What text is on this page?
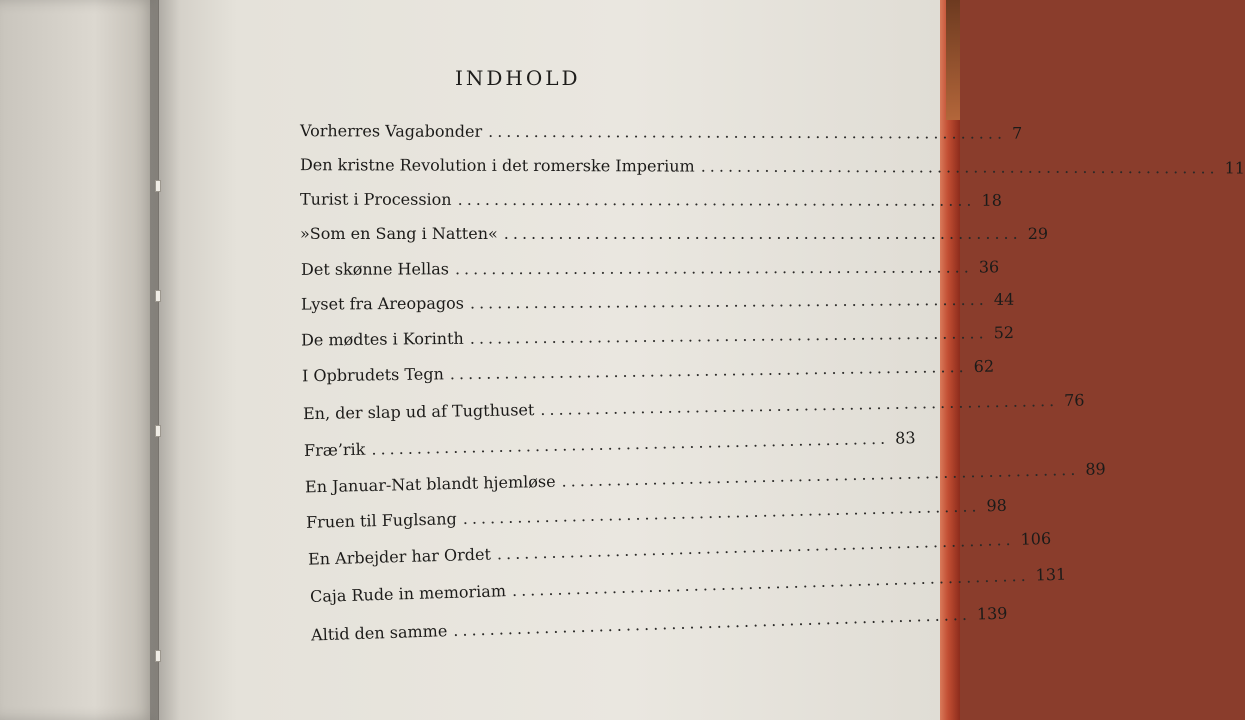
INDHOLD
Vorherres Vagabonder ......................................................... 7
Den kristne Revolution i det romerske Imperium ......................................................... 11
Turist i Procession ......................................................... 18
»Som en Sang i Natten« ......................................................... 29
Det skønne Hellas ......................................................... 36
Lyset fra Areopagos ......................................................... 44
De mødtes i Korinth ......................................................... 52
I Opbrudets Tegn ......................................................... 62
En, der slap ud af Tugthuset ......................................................... 76
Fræ’rik ......................................................... 83
En Januar-Nat blandt hjemløse ......................................................... 89
Fruen til Fuglsang ......................................................... 98
En Arbejder har Ordet ......................................................... 106
Caja Rude in memoriam ......................................................... 131
Altid den samme ......................................................... 139
